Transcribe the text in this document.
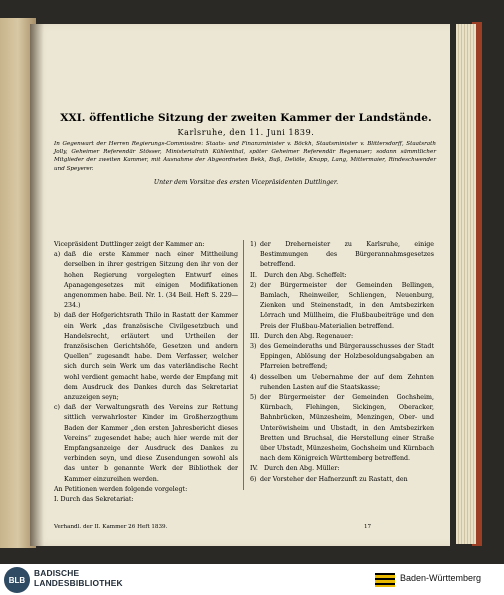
XXI. öffentliche Sitzung der zweiten Kammer der Landstände.

Karlsruhe, den 11. Juni 1839.

In Gegenwart der Herren Regierungs-Commissäre: Staats- und Finanzminister v. Böckh, Staatsminister v. Blittersdorff, Staatsrath Jolly, Geheimer Referendär Stösser, Ministerialrath Kühlenthal, später Geheimer Referendär Regenauer; sodann sämmtlicher Mitglieder der zweiten Kammer, mit Ausnahme der Abgeordneten Bekk, Buß, Deliöle, Knapp, Lang, Mittermaier, Rindeschwender und Speyerer.

Unter dem Vorsitze des ersten Vicepräsidenten Duttlinger.

Vicepräsident Duttlinger zeigt der Kammer an:

a) daß die erste Kammer nach einer Mittheilung derselben in ihrer gestrigen Sitzung den ihr von der hohen Regierung vorgelegten Entwurf eines Apanagengesetzes mit einigen Modifikationen angenommen habe. Beil. Nr. 1. (34 Beil. Heft S. 229—234.)
b) daß der Hofgerichtsrath Thilo in Rastatt der Kammer ein Werk „das französische Civilgesetzbuch und Handelsrecht, erläutert und Urtheilen der französischen Gerichtshöfe, Gesetzen und andern Quellen“ zugesandt habe. Dem Verfasser, welcher sich durch sein Werk um das vaterländische Recht wohl verdient gemacht habe, werde der Empfang mit dem Ausdruck des Dankes durch das Sekretariat anzuzeigen seyn;
c) daß der Verwaltungsrath des Vereins zur Rettung sittlich verwahrloster Kinder im Großherzogthum Baden der Kammer „den ersten Jahresbericht dieses Vereins“ zugesendet habe; auch hier werde mit der Empfangsanzeige der Ausdruck des Dankes zu verbinden seyn, und diese Zusendungen sowohl als das unter b genannte Werk der Bibliothek der Kammer einzureihen werden.

An Petitionen werden folgende vorgelegt:

I. Durch das Sekretariat:

1) der Dreherneister zu Karlsruhe, einige Bestimmungen des Bürgerannahmsgesetzes betreffend.
II.	Durch den Abg. Scheffelt:
2) der Bürgermeister der Gemeinden Bellingen, Bamlach, Rheinweiler, Schliengen, Neuenburg, Zienken und Steinenstadt, in den Amtsbezirken Lörrach und Müllheim, die Flußbaubeiträge und den Preis der Flußbau-Materialien betreffend.
III. Durch den Abg. Regenauer:
3) des Gemeinderaths und Bürgerausschusses der Stadt Eppingen, Ablösung der Holzbesoldungsabgaben an Pfarreien betreffend;
4) desselben um Uebernahme der auf dem Zehnten ruhenden Lasten auf die Staatskasse;
5) der Bürgermeister der Gemeinden Gochsheim, Kürnbach, Flehingen, Sickingen, Oberacker, Bahnbrücken, Münzesheim, Menzingen, Ober- und Unteröwisheim und Ubstadt, in den Amtsbezirken Bretten und Bruchsal, die Herstellung einer Straße über Ubstadt, Münzesheim, Gochsheim und Kürnbach nach dem Königreich Württemberg betreffend.
IV. Durch den Abg. Müller:
6) der Vorsteher der Hafnerzunft zu Rastatt, den
Verhandl. der II. Kammer 26 Heft 1839.	17
BLB
BADISCHE
LANDESBIBLIOTHEK	Baden-Württemberg
